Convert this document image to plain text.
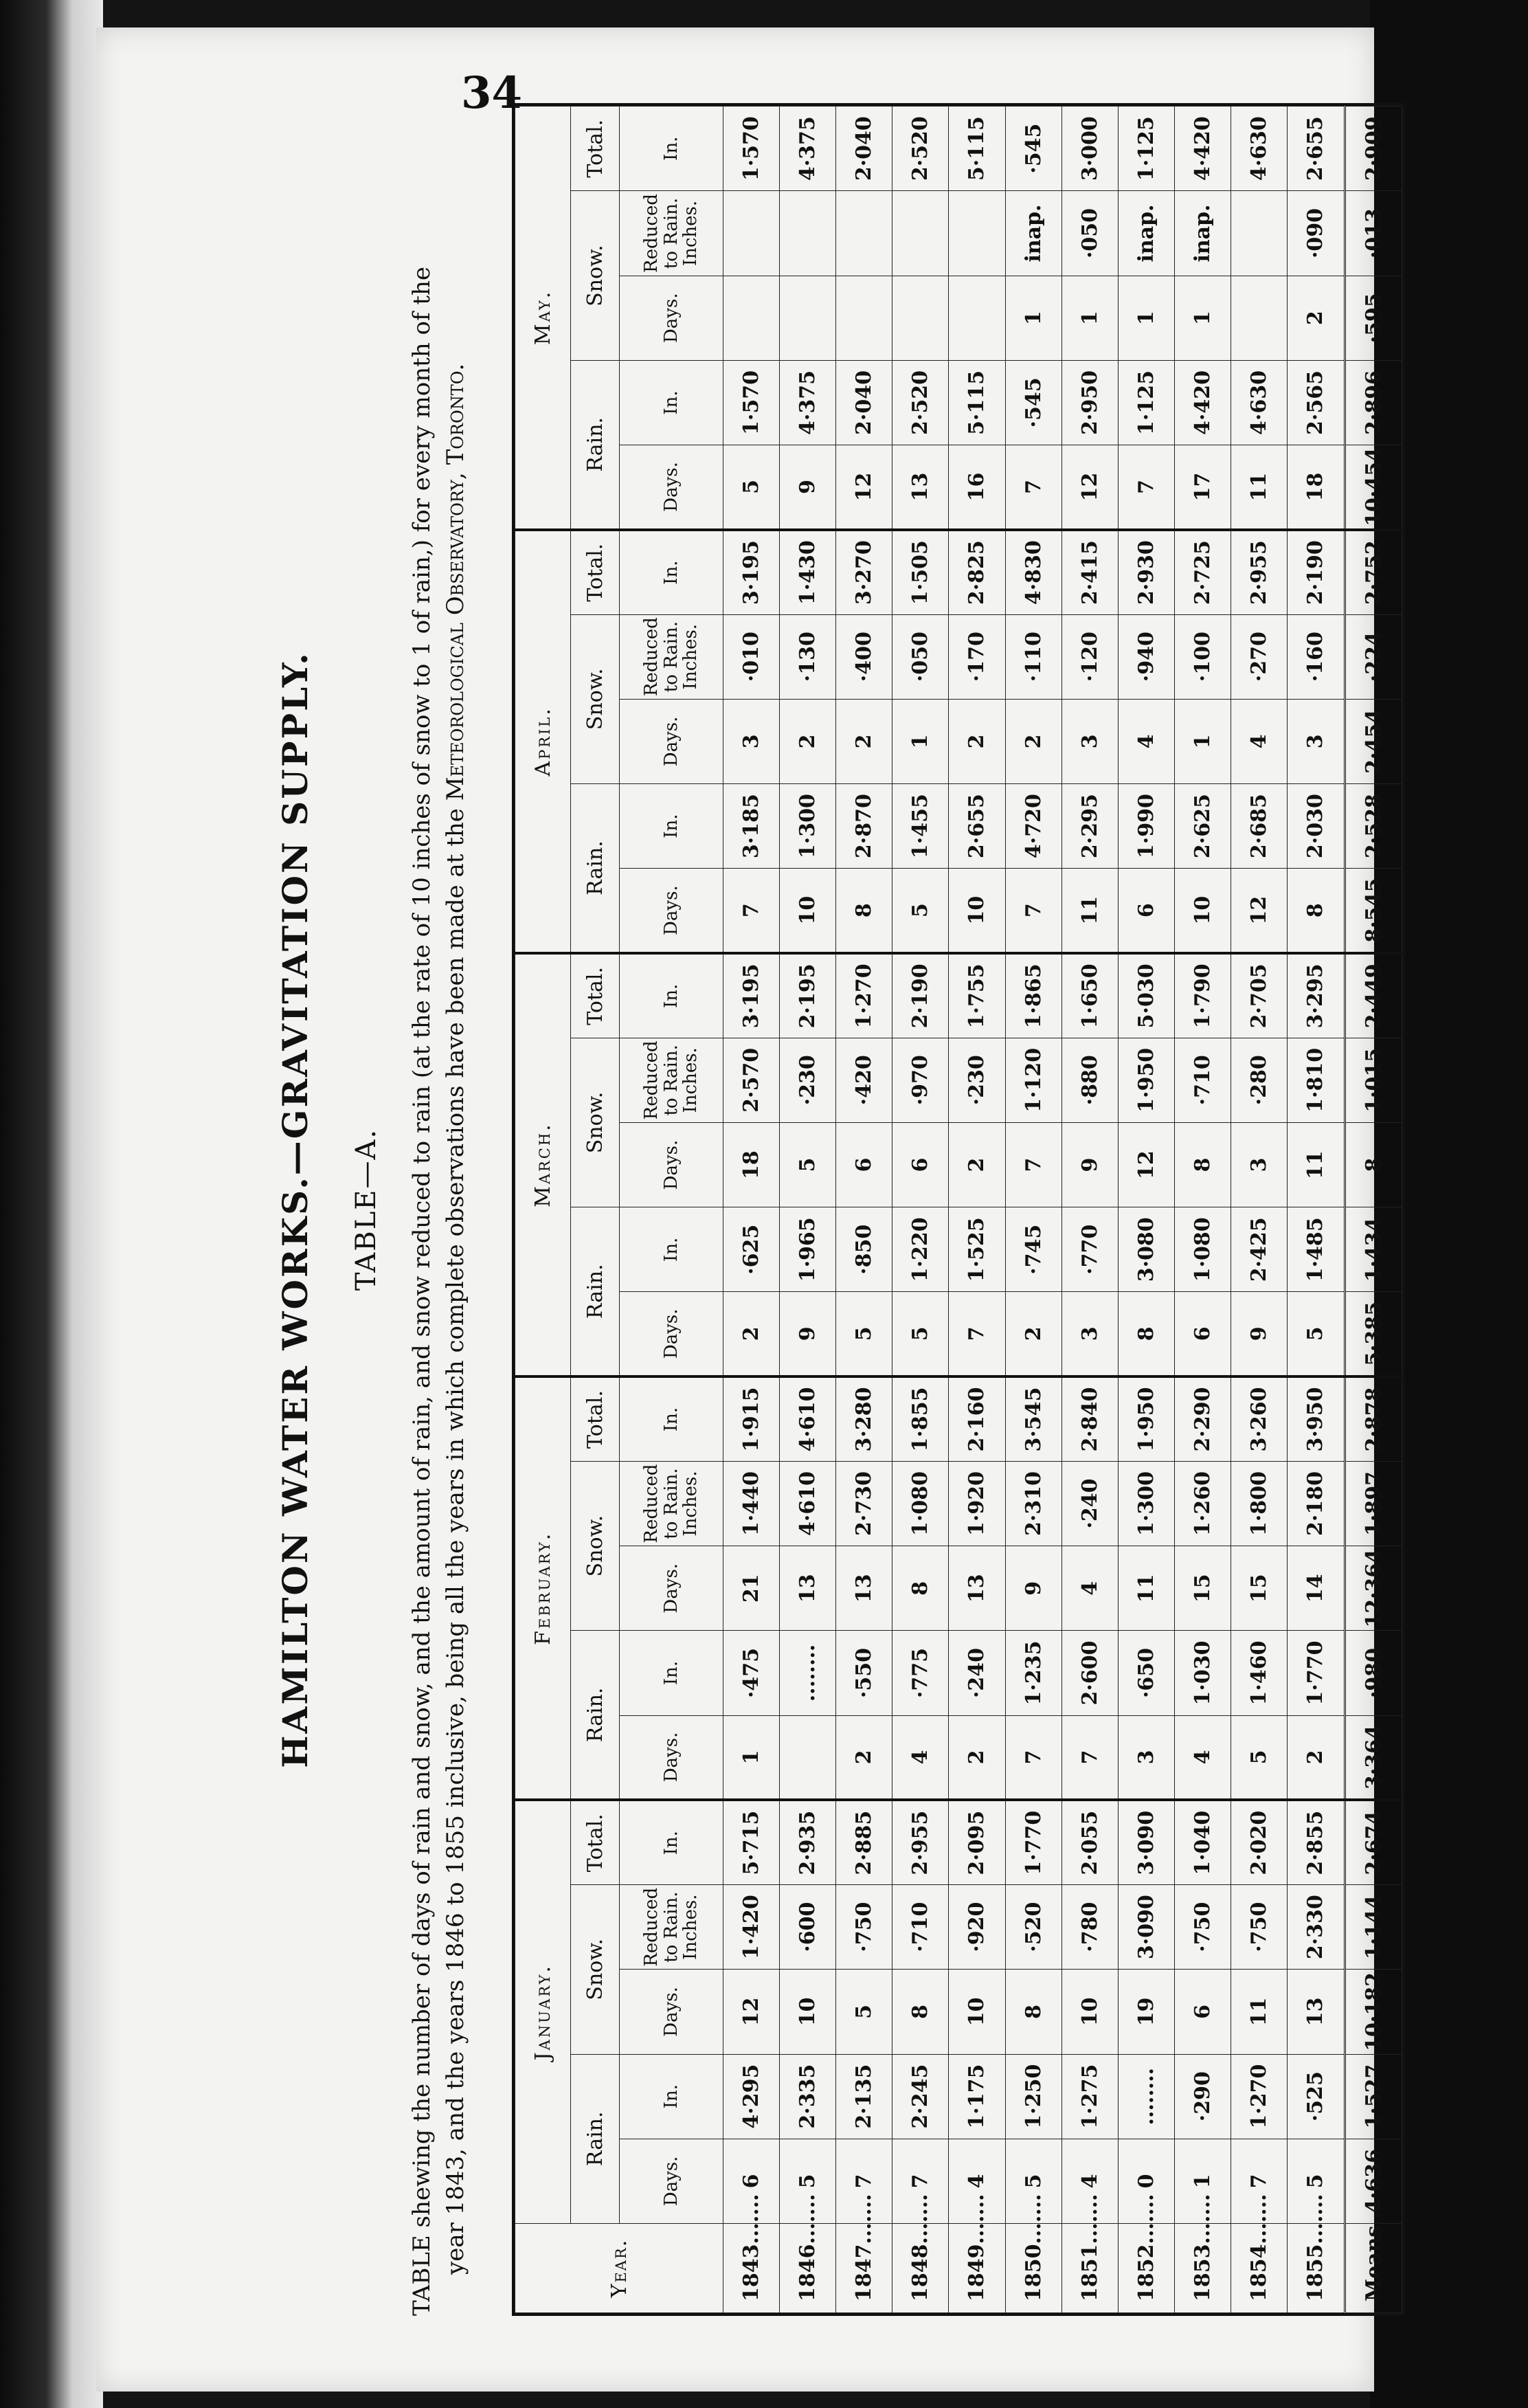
34
HAMILTON WATER WORKS.—GRAVITATION SUPPLY. TABLE—A. TABLE shewing the number of days of rain and snow, and the amount of rain, and snow reduced to rain (at the rate of 10 inches of snow to 1 of rain,) for every month of the year 1843, and the years 1846 to 1855 inclusive, being all the years in which complete observations have been made at the Meteorological Observatory, Toronto.
Year.	January.					February.					March.					April.					May.				
	Rain.		Snow.		Total.	Rain.		Snow.		Total.	Rain.		Snow.		Total.	Rain.		Snow.		Total.	Rain.		Snow.		Total.
	Days.	In.	Days.	Reduced to Rain. Inches.	In.	Days.	In.	Days.	Reduced to Rain. Inches.	In.	Days.	In.	Days.	Reduced to Rain. Inches.	In.	Days.	In.	Days.	Reduced to Rain. Inches.	In.	Days.	In.	Days.	Reduced to Rain. Inches.	In.
1843.......	6	4·295	12	1·420	5·715	1	·475	21	1·440	1·915	2	·625	18	2·570	3·195	7	3·185	3	·010	3·195	5	1·570			1·570
1846.......	5	2·335	10	·600	2·935		........	13	4·610	4·610	9	1·965	5	·230	2·195	10	1·300	2	·130	1·430	9	4·375			4·375
1847.......	7	2·135	5	·750	2·885	2	·550	13	2·730	3·280	5	·850	6	·420	1·270	8	2·870	2	·400	3·270	12	2·040			2·040
1848.......	7	2·245	8	·710	2·955	4	·775	8	1·080	1·855	5	1·220	6	·970	2·190	5	1·455	1	·050	1·505	13	2·520			2·520
1849.......	4	1·175	10	·920	2·095	2	·240	13	1·920	2·160	7	1·525	2	·230	1·755	10	2·655	2	·170	2·825	16	5·115			5·115
1850.......	5	1·250	8	·520	1·770	7	1·235	9	2·310	3·545	2	·745	7	1·120	1·865	7	4·720	2	·110	4·830	7	·545	1	inap.	·545
1851.......	4	1·275	10	·780	2·055	7	2·600	4	·240	2·840	3	·770	9	·880	1·650	11	2·295	3	·120	2·415	12	2·950	1	·050	3·000
1852.......	0	........	19	3·090	3·090	3	·650	11	1·300	1·950	8	3·080	12	1·950	5·030	6	1·990	4	·940	2·930	7	1·125	1	inap.	1·125
1853.......	1	·290	6	·750	1·040	4	1·030	15	1·260	2·290	6	1·080	8	·710	1·790	10	2·625	1	·100	2·725	17	4·420	1	inap.	4·420
1854.......	7	1·270	11	·750	2·020	5	1·460	15	1·800	3·260	9	2·425	3	·280	2·705	12	2·685	4	·270	2·955	11	4·630			4·630
1855.......	5	·525	13	2·330	2·855	2	1·770	14	2·180	3·950	5	1·485	11	1·810	3·295	8	2·030	3	·160	2·190	18	2·565	2	·090	2·655
Means....	4·636	1·527	10·182	1·144	2·674	3·364	·980	12·364	1·897	2·878	5·385	1·434	8	1·015	2·449	8·545	2·528	2·454	·224	2·752	10·454	2·896	·595	·013	2·909
